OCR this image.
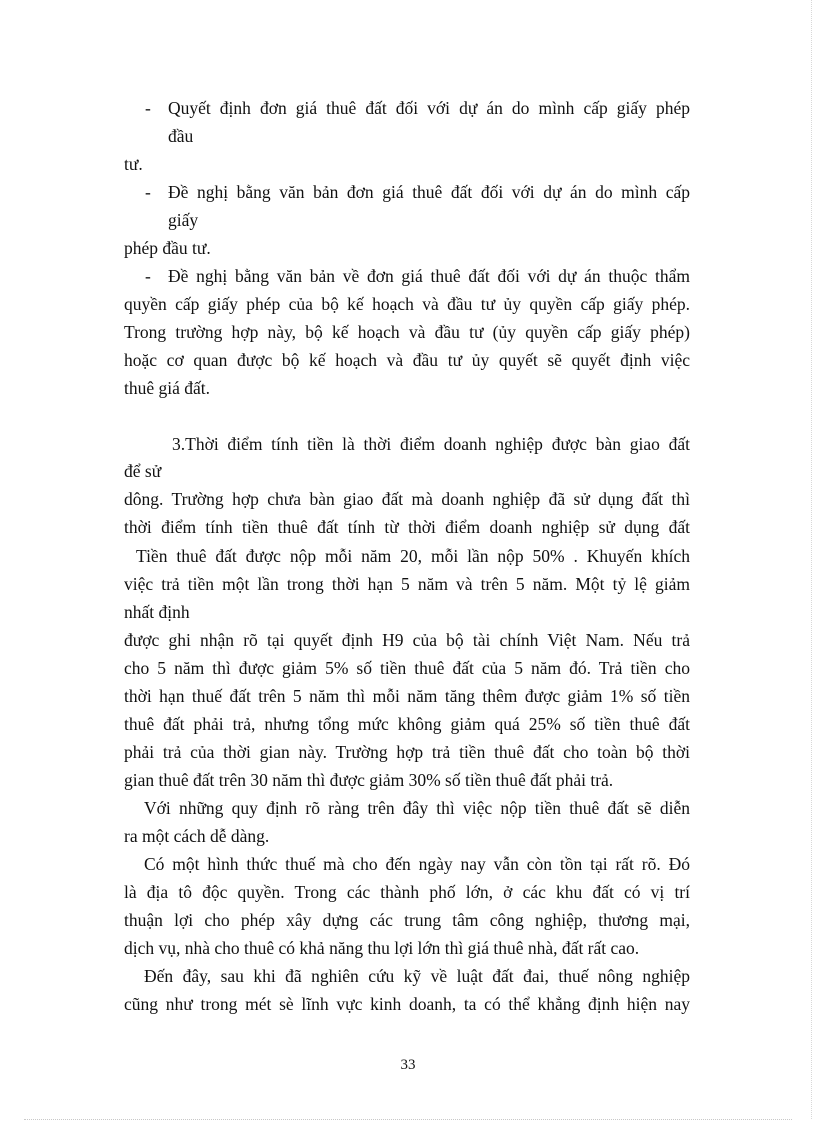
- Quyết định đơn giá thuê đất đối với dự án do mình cấp giấy phép
đầu
tư.
- Đề nghị bằng văn bản đơn giá thuê đất đối với dự án do mình cấp
giấy
phép đầu tư.
- Đề nghị bằng văn bản về đơn giá thuê đất đối với dự án thuộc thẩm
quyền cấp giấy phép của bộ kế hoạch và đầu tư ủy quyền cấp giấy phép.
Trong trường hợp này, bộ kế hoạch và đầu tư (ủy quyền cấp giấy phép)
hoặc cơ quan được bộ kế hoạch và đầu tư ủy quyết sẽ quyết định việc
thuê giá đất.
3.Thời điểm tính tiền là thời điểm doanh nghiệp được bàn giao đất
để sử
dông. Trường hợp chưa bàn giao đất mà doanh nghiệp đã sử dụng đất thì
thời điểm tính tiền thuê đất tính từ thời điểm doanh nghiệp sử dụng đất
Tiền thuê đất được nộp mỗi năm 20, mỗi lần nộp 50% . Khuyến khích
việc trả tiền một lần trong thời hạn 5 năm và trên 5 năm. Một tỷ lệ giảm
nhất định
được ghi nhận rõ tại quyết định H9 của bộ tài chính Việt Nam. Nếu trả
cho 5 năm thì được giảm 5% số tiền thuê đất của 5 năm đó. Trả tiền cho
thời hạn thuế đất trên 5 năm thì mỗi năm tăng thêm được giảm 1% số tiền
thuê đất phải trả, nhưng tổng mức không giảm quá 25% số tiền thuê đất
phải trả của thời gian này. Trường hợp trả tiền thuê đất cho toàn bộ thời
gian thuê đất trên 30 năm thì được giảm 30% số tiền thuê đất phải trả.
Với những quy định rõ ràng trên đây thì việc nộp tiền thuê đất sẽ diễn
ra một cách dễ dàng.
Có một hình thức thuế mà cho đến ngày nay vẫn còn tồn tại rất rõ. Đó
là địa tô độc quyền. Trong các thành phố lớn, ở các khu đất có vị trí
thuận lợi cho phép xây dựng các trung tâm công nghiệp, thương mại,
dịch vụ, nhà cho thuê có khả năng thu lợi lớn thì giá thuê nhà, đất rất cao.
Đến đây, sau khi đã nghiên cứu kỹ về luật đất đai, thuế nông nghiệp
cũng như trong mét sè lĩnh vực kinh doanh, ta có thể khẳng định hiện nay
33
